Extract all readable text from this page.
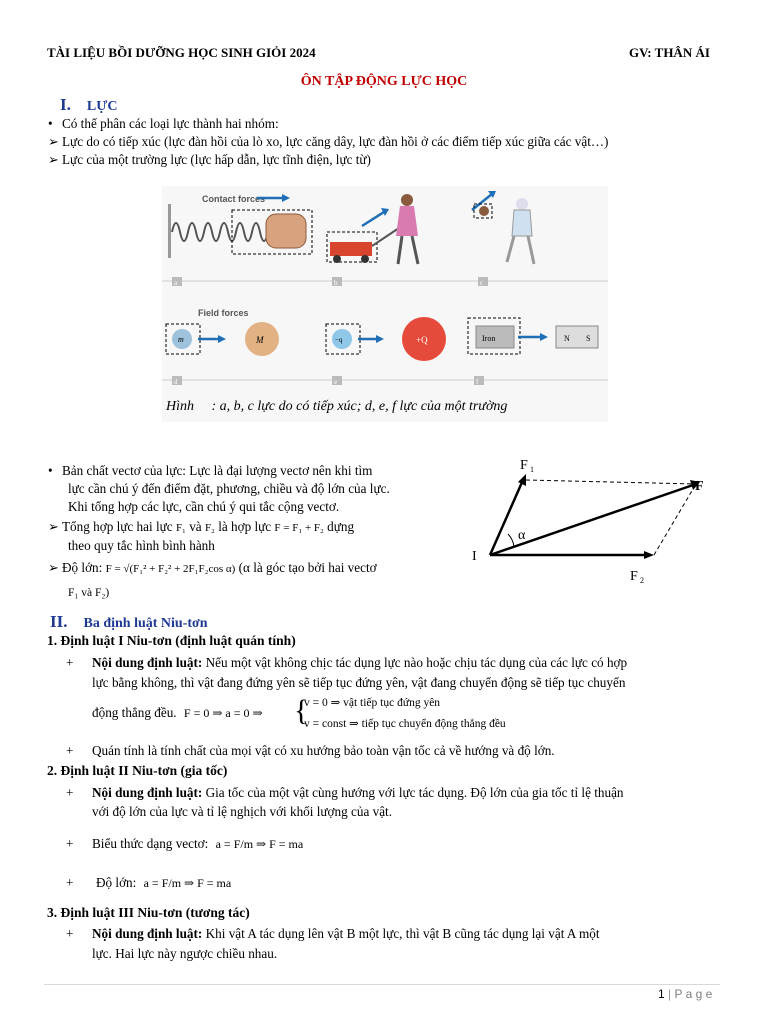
TÀI LIỆU BỒI DƯỠNG HỌC SINH GIỎI 2024	GV: THÂN ÁI
ÔN TẬP ĐỘNG LỰC HỌC
I. LỰC
• Có thể phân các loại lực thành hai nhóm:
➢ Lực do có tiếp xúc (lực đàn hồi của lò xo, lực căng dây, lực đàn hồi ở các điểm tiếp xúc giữa các vật…)
➢ Lực của một trường lực (lực hấp dẫn, lực tĩnh điện, lực từ)
Contact forces
a	b	c
Field forces
m	M
d
−q	+Q
e
Iron	N S
f
Hình     : a, b, c lực do có tiếp xúc; d, e, f lực của một trường
• Bản chất vectơ của lực: Lực là đại lượng vectơ nên khi tìm
lực cần chú ý đến điểm đặt, phương, chiều và độ lớn của lực.
Khi tổng hợp các lực, cần chú ý qui tắc cộng vectơ.
➢ Tổng hợp lực hai lực F₁ và F₂ là hợp lực F = F₁ + F₂ dựng
theo quy tắc hình bình hành
➢ Độ lớn: F = √(F₁² + F₂² + 2F₁F₂cos α) (α là góc tạo bởi hai vectơ
F₁ và F₂)
F 1
F
F 2
I
α
II. Ba định luật Niu-tơn
1. Định luật I Niu-tơn (định luật quán tính)
+ Nội dung định luật: Nếu một vật không chịc tác dụng lực nào hoặc chịu tác dụng của các lực có hợp
lực bằng không, thì vật đang đứng yên sẽ tiếp tục đứng yên, vật đang chuyển động sẽ tiếp tục chuyển
động thẳng đều. F = 0 ⇒ a = 0 ⇒ {
v = 0 ⇒ vật tiếp tục đứng yên
v = const ⇒ tiếp tục chuyển động thẳng đều
+ Quán tính là tính chất của mọi vật có xu hướng bảo toàn vận tốc cả về hướng và độ lớn.
2. Định luật II Niu-tơn (gia tốc)
+ Nội dung định luật: Gia tốc của một vật cùng hướng với lực tác dụng. Độ lớn của gia tốc tỉ lệ thuận
với độ lớn của lực và tỉ lệ nghịch với khối lượng của vật.
+ Biểu thức dạng vectơ: a = F/m ⇒ F = ma
+ Độ lớn: a = F/m ⇒ F = ma
3. Định luật III Niu-tơn (tương tác)
+ Nội dung định luật: Khi vật A tác dụng lên vật B một lực, thì vật B cũng tác dụng lại vật A một
lực. Hai lực này ngược chiều nhau.
1 | P a g e
